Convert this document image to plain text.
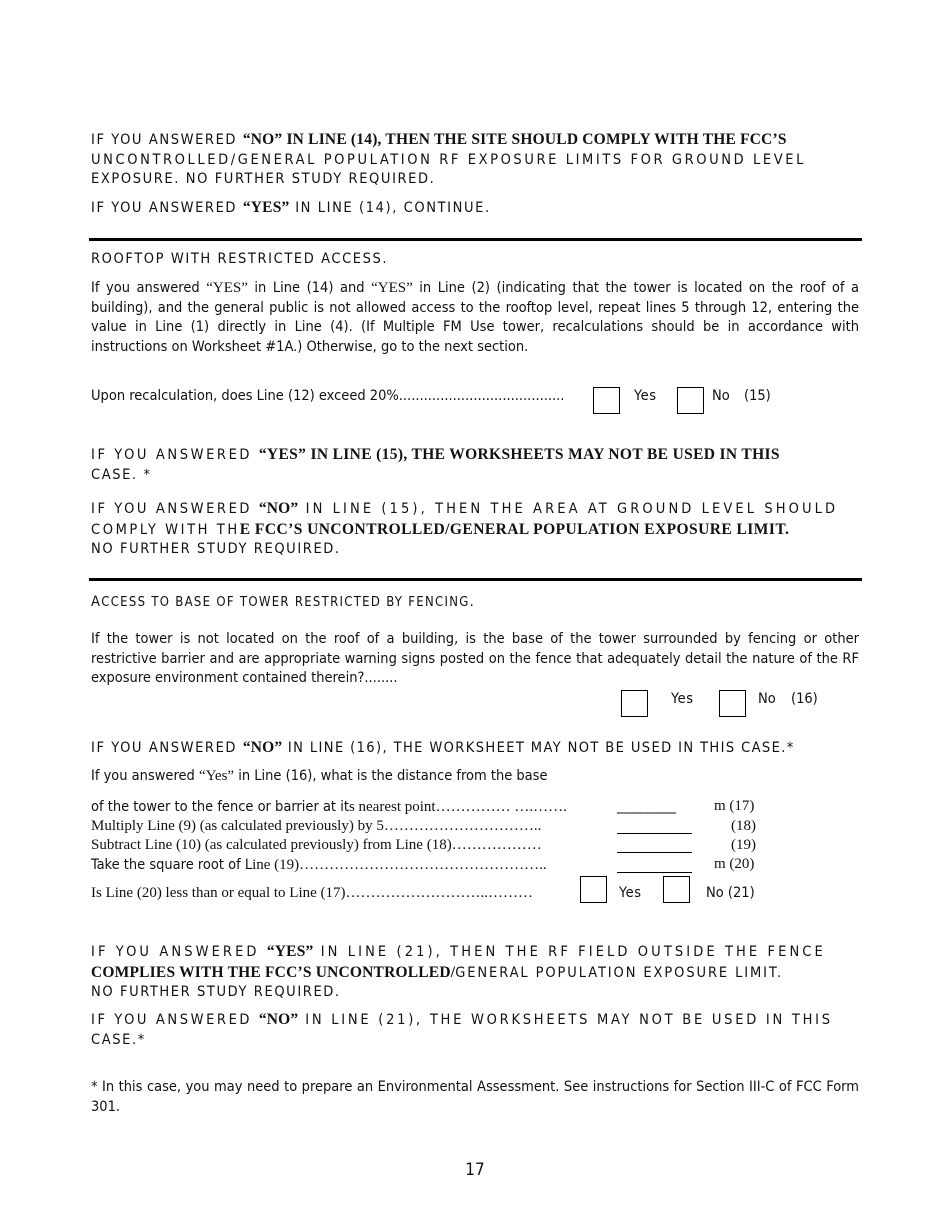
IF YOU ANSWERED “NO” IN LINE (14), THEN THE SITE SHOULD COMPLY WITH THE FCC’S
UNCONTROLLED/GENERAL POPULATION RF EXPOSURE LIMITS FOR GROUND LEVEL
EXPOSURE. NO FURTHER STUDY REQUIRED.
IF YOU ANSWERED “YES” IN LINE (14), CONTINUE.
ROOFTOP WITH RESTRICTED ACCESS.

If you answered “YES” in Line (14) and “YES” in Line (2) (indicating that the tower is located on the roof of a building), and the general public is not allowed access to the rooftop level, repeat lines 5 through 12, entering the value in Line (1) directly in Line (4). (If Multiple FM Use tower, recalculations should be in accordance with instructions on Worksheet #1A.) Otherwise, go to the next section.

Upon recalculation, does Line (12) exceed 20%........................................	Yes	No (15)
IF YOU ANSWERED “YES” IN LINE (15), THE WORKSHEETS MAY NOT BE USED IN THIS
CASE. *
IF YOU ANSWERED “NO” IN LINE (15), THEN THE AREA AT GROUND LEVEL SHOULD
COMPLY WITH THE FCC’S UNCONTROLLED/GENERAL POPULATION EXPOSURE LIMIT.
NO FURTHER STUDY REQUIRED.
ACCESS TO BASE OF TOWER RESTRICTED BY FENCING.

If the tower is not located on the roof of a building, is the base of the tower surrounded by fencing or other restrictive barrier and are appropriate warning signs posted on the fence that adequately detail the nature of the RF exposure environment contained therein?........

Yes	No (16)
IF YOU ANSWERED “NO” IN LINE (16), THE WORKSHEET MAY NOT BE USED IN THIS CASE.*
If you answered “Yes” in Line (16), what is the distance from the base
of the tower to the fence or barrier at its nearest point…………… ….…….	_________	m (17)
Multiply Line (9) (as calculated previously) by 5…………………………..	(18)
Subtract Line (10) (as calculated previously) from Line (18)………………	(19)
Take the square root of Line (19)…………………………………………..	m (20)
Is Line (20) less than or equal to Line (17)………………………..………	Yes	No (21)
IF YOU ANSWERED “YES” IN LINE (21), THEN THE RF FIELD OUTSIDE THE FENCE
COMPLIES WITH THE FCC’S UNCONTROLLED/GENERAL POPULATION EXPOSURE LIMIT.
NO FURTHER STUDY REQUIRED.
IF YOU ANSWERED “NO” IN LINE (21), THE WORKSHEETS MAY NOT BE USED IN THIS
CASE.*

* In this case, you may need to prepare an Environmental Assessment. See instructions for Section III-C of FCC Form 301.

17
